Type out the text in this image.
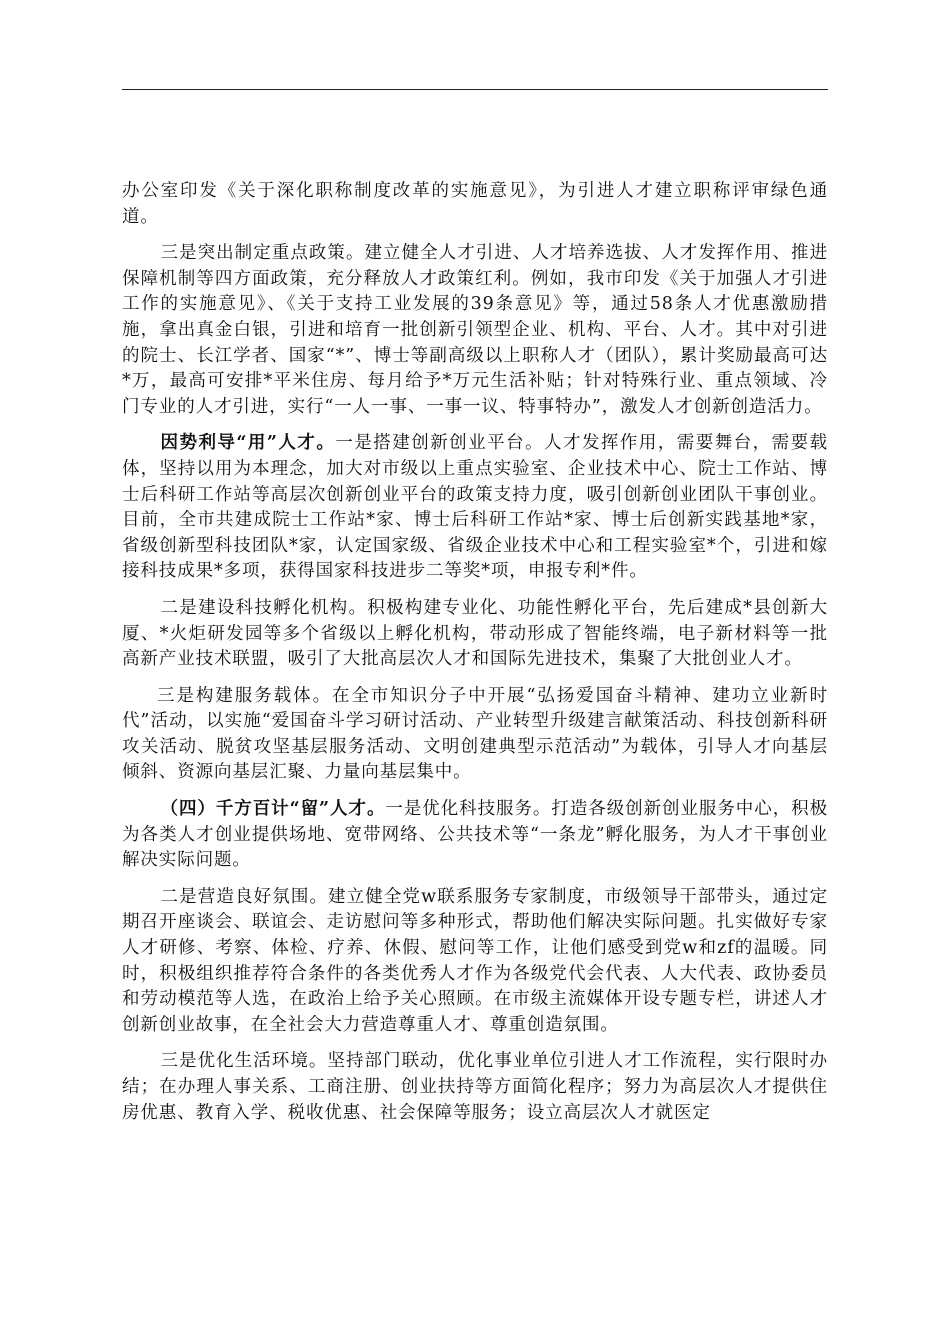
办公室印发《关于深化职称制度改革的实施意见》，为引进人才建立职称评审绿色通道。

三是突出制定重点政策。建立健全人才引进、人才培养选拔、人才发挥作用、推进保障机制等四方面政策，充分释放人才政策红利。例如，我市印发《关于加强人才引进工作的实施意见》、《关于支持工业发展的39条意见》等，通过58条人才优惠激励措施，拿出真金白银，引进和培育一批创新引领型企业、机构、平台、人才。其中对引进的院士、长江学者、国家“*”、博士等副高级以上职称人才（团队），累计奖励最高可达*万，最高可安排*平米住房、每月给予*万元生活补贴；针对特殊行业、重点领域、冷门专业的人才引进，实行“一人一事、一事一议、特事特办”，激发人才创新创造活力。

因势利导“用”人才。一是搭建创新创业平台。人才发挥作用，需要舞台，需要载体，坚持以用为本理念，加大对市级以上重点实验室、企业技术中心、院士工作站、博士后科研工作站等高层次创新创业平台的政策支持力度，吸引创新创业团队干事创业。目前，全市共建成院士工作站*家、博士后科研工作站*家、博士后创新实践基地*家，省级创新型科技团队*家，认定国家级、省级企业技术中心和工程实验室*个，引进和嫁接科技成果*多项，获得国家科技进步二等奖*项，申报专利*件。

二是建设科技孵化机构。积极构建专业化、功能性孵化平台，先后建成*县创新大厦、*火炬研发园等多个省级以上孵化机构，带动形成了智能终端，电子新材料等一批高新产业技术联盟，吸引了大批高层次人才和国际先进技术，集聚了大批创业人才。

三是构建服务载体。在全市知识分子中开展“弘扬爱国奋斗精神、建功立业新时代”活动，以实施“爱国奋斗学习研讨活动、产业转型升级建言献策活动、科技创新科研攻关活动、脱贫攻坚基层服务活动、文明创建典型示范活动”为载体，引导人才向基层倾斜、资源向基层汇聚、力量向基层集中。

（四）千方百计“留”人才。一是优化科技服务。打造各级创新创业服务中心，积极为各类人才创业提供场地、宽带网络、公共技术等“一条龙”孵化服务，为人才干事创业解决实际问题。

二是营造良好氛围。建立健全党w联系服务专家制度，市级领导干部带头，通过定期召开座谈会、联谊会、走访慰问等多种形式，帮助他们解决实际问题。扎实做好专家人才研修、考察、体检、疗养、休假、慰问等工作，让他们感受到党w和zf的温暖。同时，积极组织推荐符合条件的各类优秀人才作为各级党代会代表、人大代表、政协委员和劳动模范等人选，在政治上给予关心照顾。在市级主流媒体开设专题专栏，讲述人才创新创业故事，在全社会大力营造尊重人才、尊重创造氛围。

三是优化生活环境。坚持部门联动，优化事业单位引进人才工作流程，实行限时办结；在办理人事关系、工商注册、创业扶持等方面简化程序；努力为高层次人才提供住房优惠、教育入学、税收优惠、社会保障等服务；设立高层次人才就医定
